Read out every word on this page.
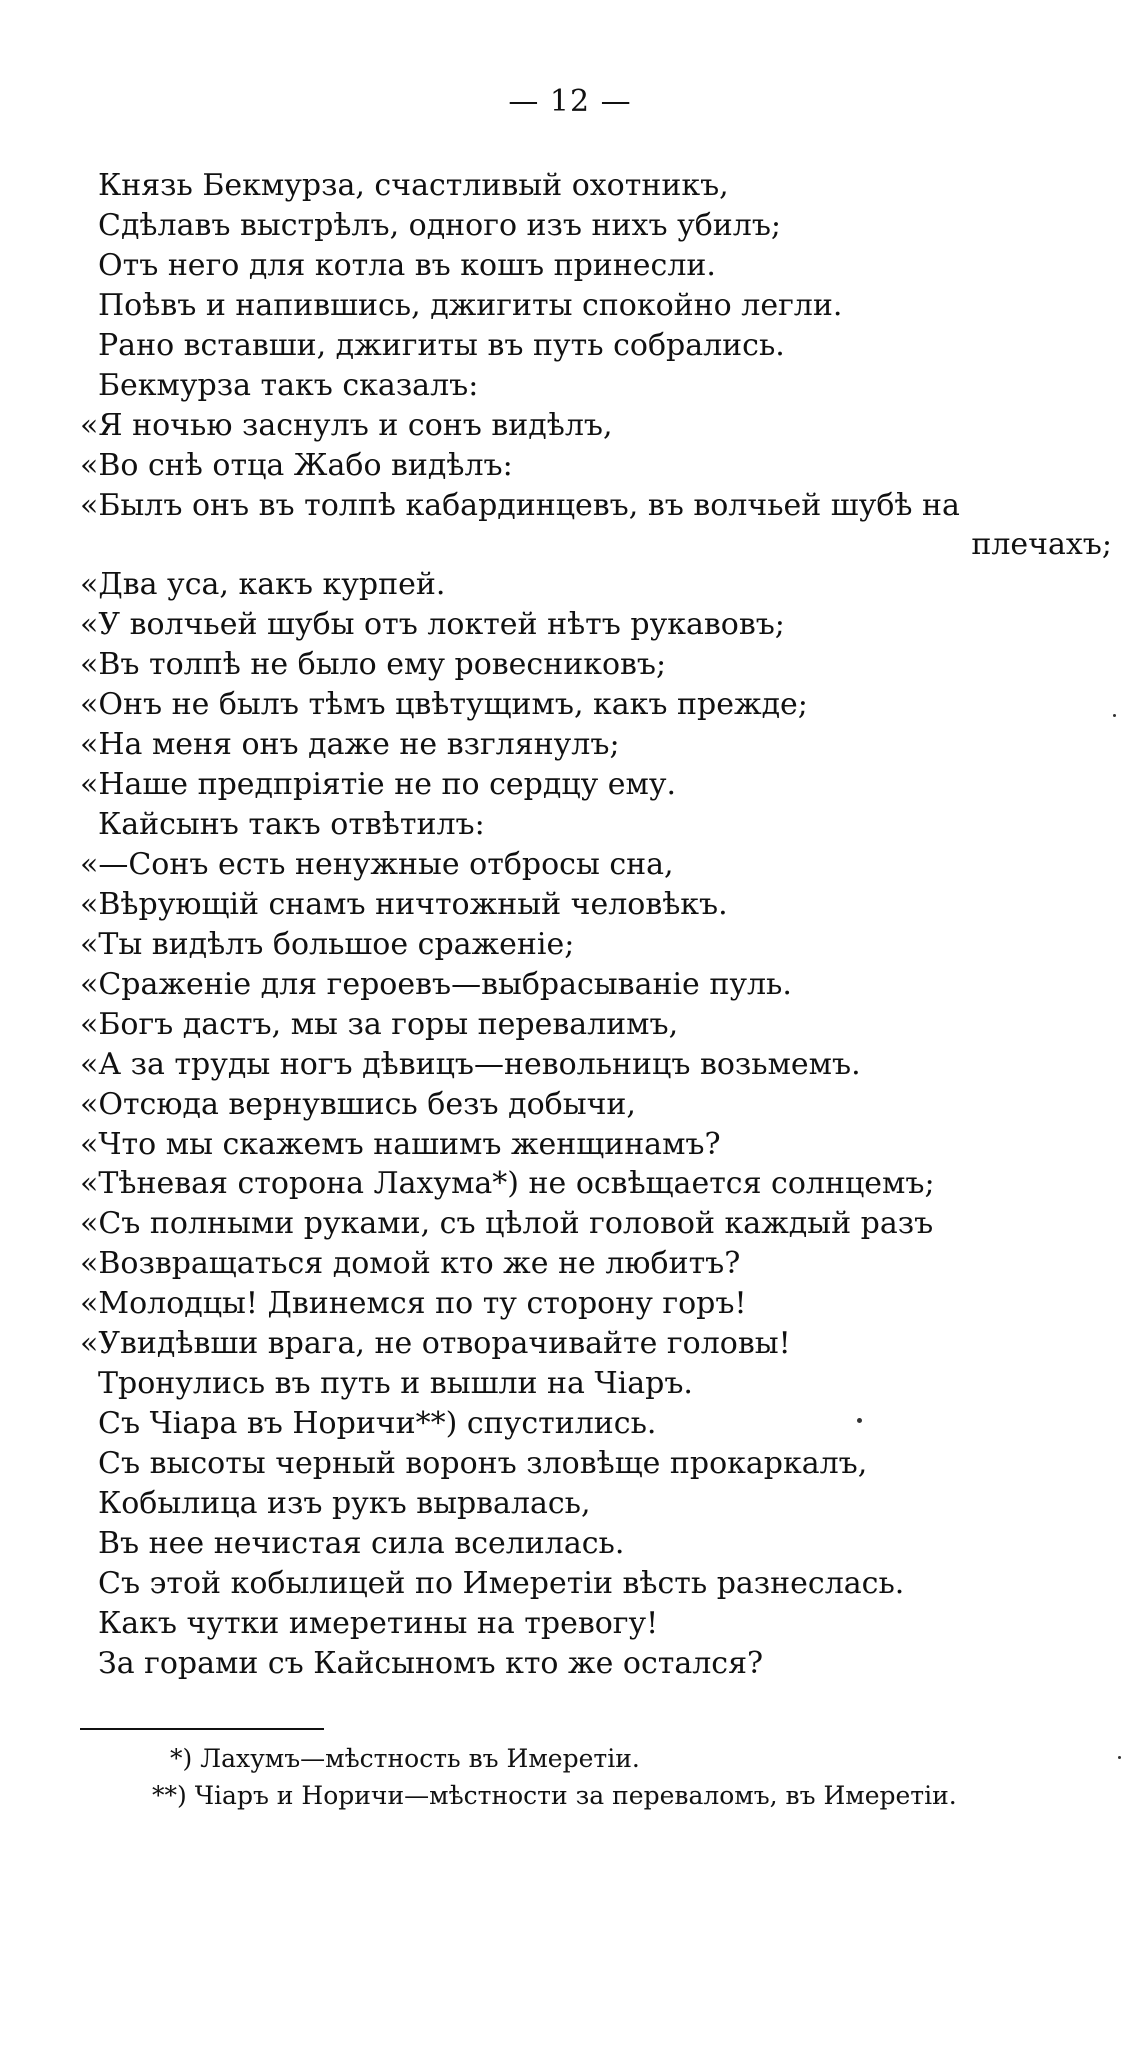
— 12 —
Князь Бекмурза, счастливый охотникъ,
Сдѣлавъ выстрѣлъ, одного изъ нихъ убилъ;
Отъ него для котла въ кошъ принесли.
Поѣвъ и напившись, джигиты спокойно легли.
Рано вставши, джигиты въ путь собрались.
Бекмурза такъ сказалъ:
«Я ночью заснулъ и сонъ видѣлъ,
«Во снѣ отца Жабо видѣлъ:
«Былъ онъ въ толпѣ кабардинцевъ, въ волчьей шубѣ на
плечахъ;
«Два уса, какъ курпей.
«У волчьей шубы отъ локтей нѣтъ рукавовъ;
«Въ толпѣ не было ему ровесниковъ;
«Онъ не былъ тѣмъ цвѣтущимъ, какъ прежде;
«На меня онъ даже не взглянулъ;
«Наше предпріятіе не по сердцу ему.
Кайсынъ такъ отвѣтилъ:
«—Сонъ есть ненужные отбросы сна,
«Вѣрующій снамъ ничтожный человѣкъ.
«Ты видѣлъ большое сраженіе;
«Сраженіе для героевъ—выбрасываніе пуль.
«Богъ дастъ, мы за горы перевалимъ,
«А за труды ногъ дѣвицъ—невольницъ возьмемъ.
«Отсюда вернувшись безъ добычи,
«Что мы скажемъ нашимъ женщинамъ?
«Тѣневая сторона Лахума*) не освѣщается солнцемъ;
«Съ полными руками, съ цѣлой головой каждый разъ
«Возвращаться домой кто же не любитъ?
«Молодцы! Двинемся по ту сторону горъ!
«Увидѣвши врага, не отворачивайте головы!
Тронулись въ путь и вышли на Чіаръ.
Съ Чіара въ Норичи**) спустились.
Съ высоты черный воронъ зловѣще прокаркалъ,
Кобылица изъ рукъ вырвалась,
Въ нее нечистая сила вселилась.
Съ этой кобылицей по Имеретіи вѣсть разнеслась.
Какъ чутки имеретины на тревогу!
За горами съ Кайсыномъ кто же остался?
*) Лахумъ—мѣстность въ Имеретіи.
**) Чіаръ и Норичи—мѣстности за переваломъ, въ Имеретіи.
